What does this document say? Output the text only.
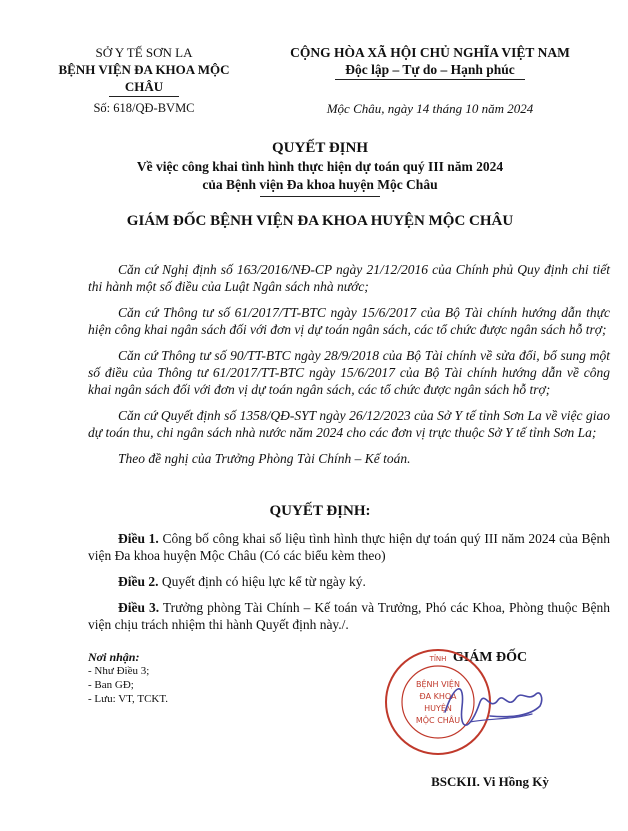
SỞ Y TẾ SƠN LA
BỆNH VIỆN ĐA KHOA MỘC CHÂU
CỘNG HÒA XÃ HỘI CHỦ NGHĨA VIỆT NAM
Độc lập – Tự do – Hạnh phúc
Số: 618/QĐ-BVMC	Mộc Châu, ngày 14 tháng 10 năm 2024
QUYẾT ĐỊNH
Về việc công khai tình hình thực hiện dự toán quý III năm 2024
của Bệnh viện Đa khoa huyện Mộc Châu
GIÁM ĐỐC BỆNH VIỆN ĐA KHOA HUYỆN MỘC CHÂU

Căn cứ Nghị định số 163/2016/NĐ-CP ngày 21/12/2016 của Chính phủ Quy định chi tiết thi hành một số điều của Luật Ngân sách nhà nước;

Căn cứ Thông tư số 61/2017/TT-BTC ngày 15/6/2017 của Bộ Tài chính hướng dẫn thực hiện công khai ngân sách đối với đơn vị dự toán ngân sách, các tổ chức được ngân sách hỗ trợ;

Căn cứ Thông tư số 90/TT-BTC ngày 28/9/2018 của Bộ Tài chính về sửa đổi, bổ sung một số điều của Thông tư 61/2017/TT-BTC ngày 15/6/2017 của Bộ Tài chính hướng dẫn về công khai ngân sách đối với đơn vị dự toán ngân sách, các tổ chức được ngân sách hỗ trợ;

Căn cứ Quyết định số 1358/QĐ-SYT ngày 26/12/2023 của Sở Y tế tỉnh Sơn La về việc giao dự toán thu, chi ngân sách nhà nước năm 2024 cho các đơn vị trực thuộc Sở Y tế tỉnh Sơn La;

Theo đề nghị của Trưởng Phòng Tài Chính – Kế toán.

QUYẾT ĐỊNH:

Điều 1. Công bố công khai số liệu tình hình thực hiện dự toán quý III năm 2024 của Bệnh viện Đa khoa huyện Mộc Châu (Có các biểu kèm theo)

Điều 2. Quyết định có hiệu lực kể từ ngày ký.

Điều 3. Trưởng phòng Tài Chính – Kế toán và Trưởng, Phó các Khoa, Phòng thuộc Bệnh viện chịu trách nhiệm thi hành Quyết định này./.

Nơi nhận:
- Như Điều 3;
- Ban GĐ;
- Lưu: VT, TCKT.
GIÁM ĐỐC
TỈNH
BỆNH VIỆN
ĐA KHOA
HUYỆN
MỘC CHÂU
BSCKII. Vi Hồng Kỳ
